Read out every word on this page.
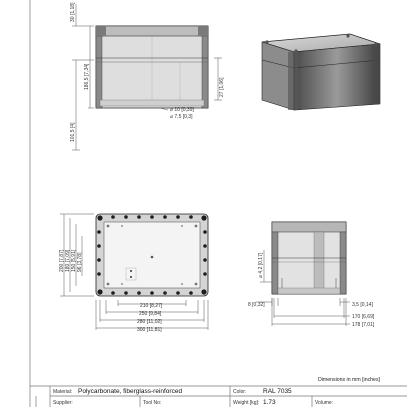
30 [1,18]
186,5 [7,34]
101,5 [4]
27 [1,06]
⌀ 10 [0,39]
⌀ 7,5 [0,3]
200 [7,87] 180 [7,09] 150 [5,91] 96 [3,78]
210 [8,27]
250 [9,84]
280 [11,02]
300 [11,81]
⌀ 4,2 [0,17]
8 [0,32]	3,5 [0,14]
170 [6,69]
178 [7,01]
Dimensions in mm [inches]
Material: Polycarbonate, fiberglass-reinforced	Color:	RAL 7035
Supplier:	Tool No:	Weight [kg]: 1.73	Volume:
